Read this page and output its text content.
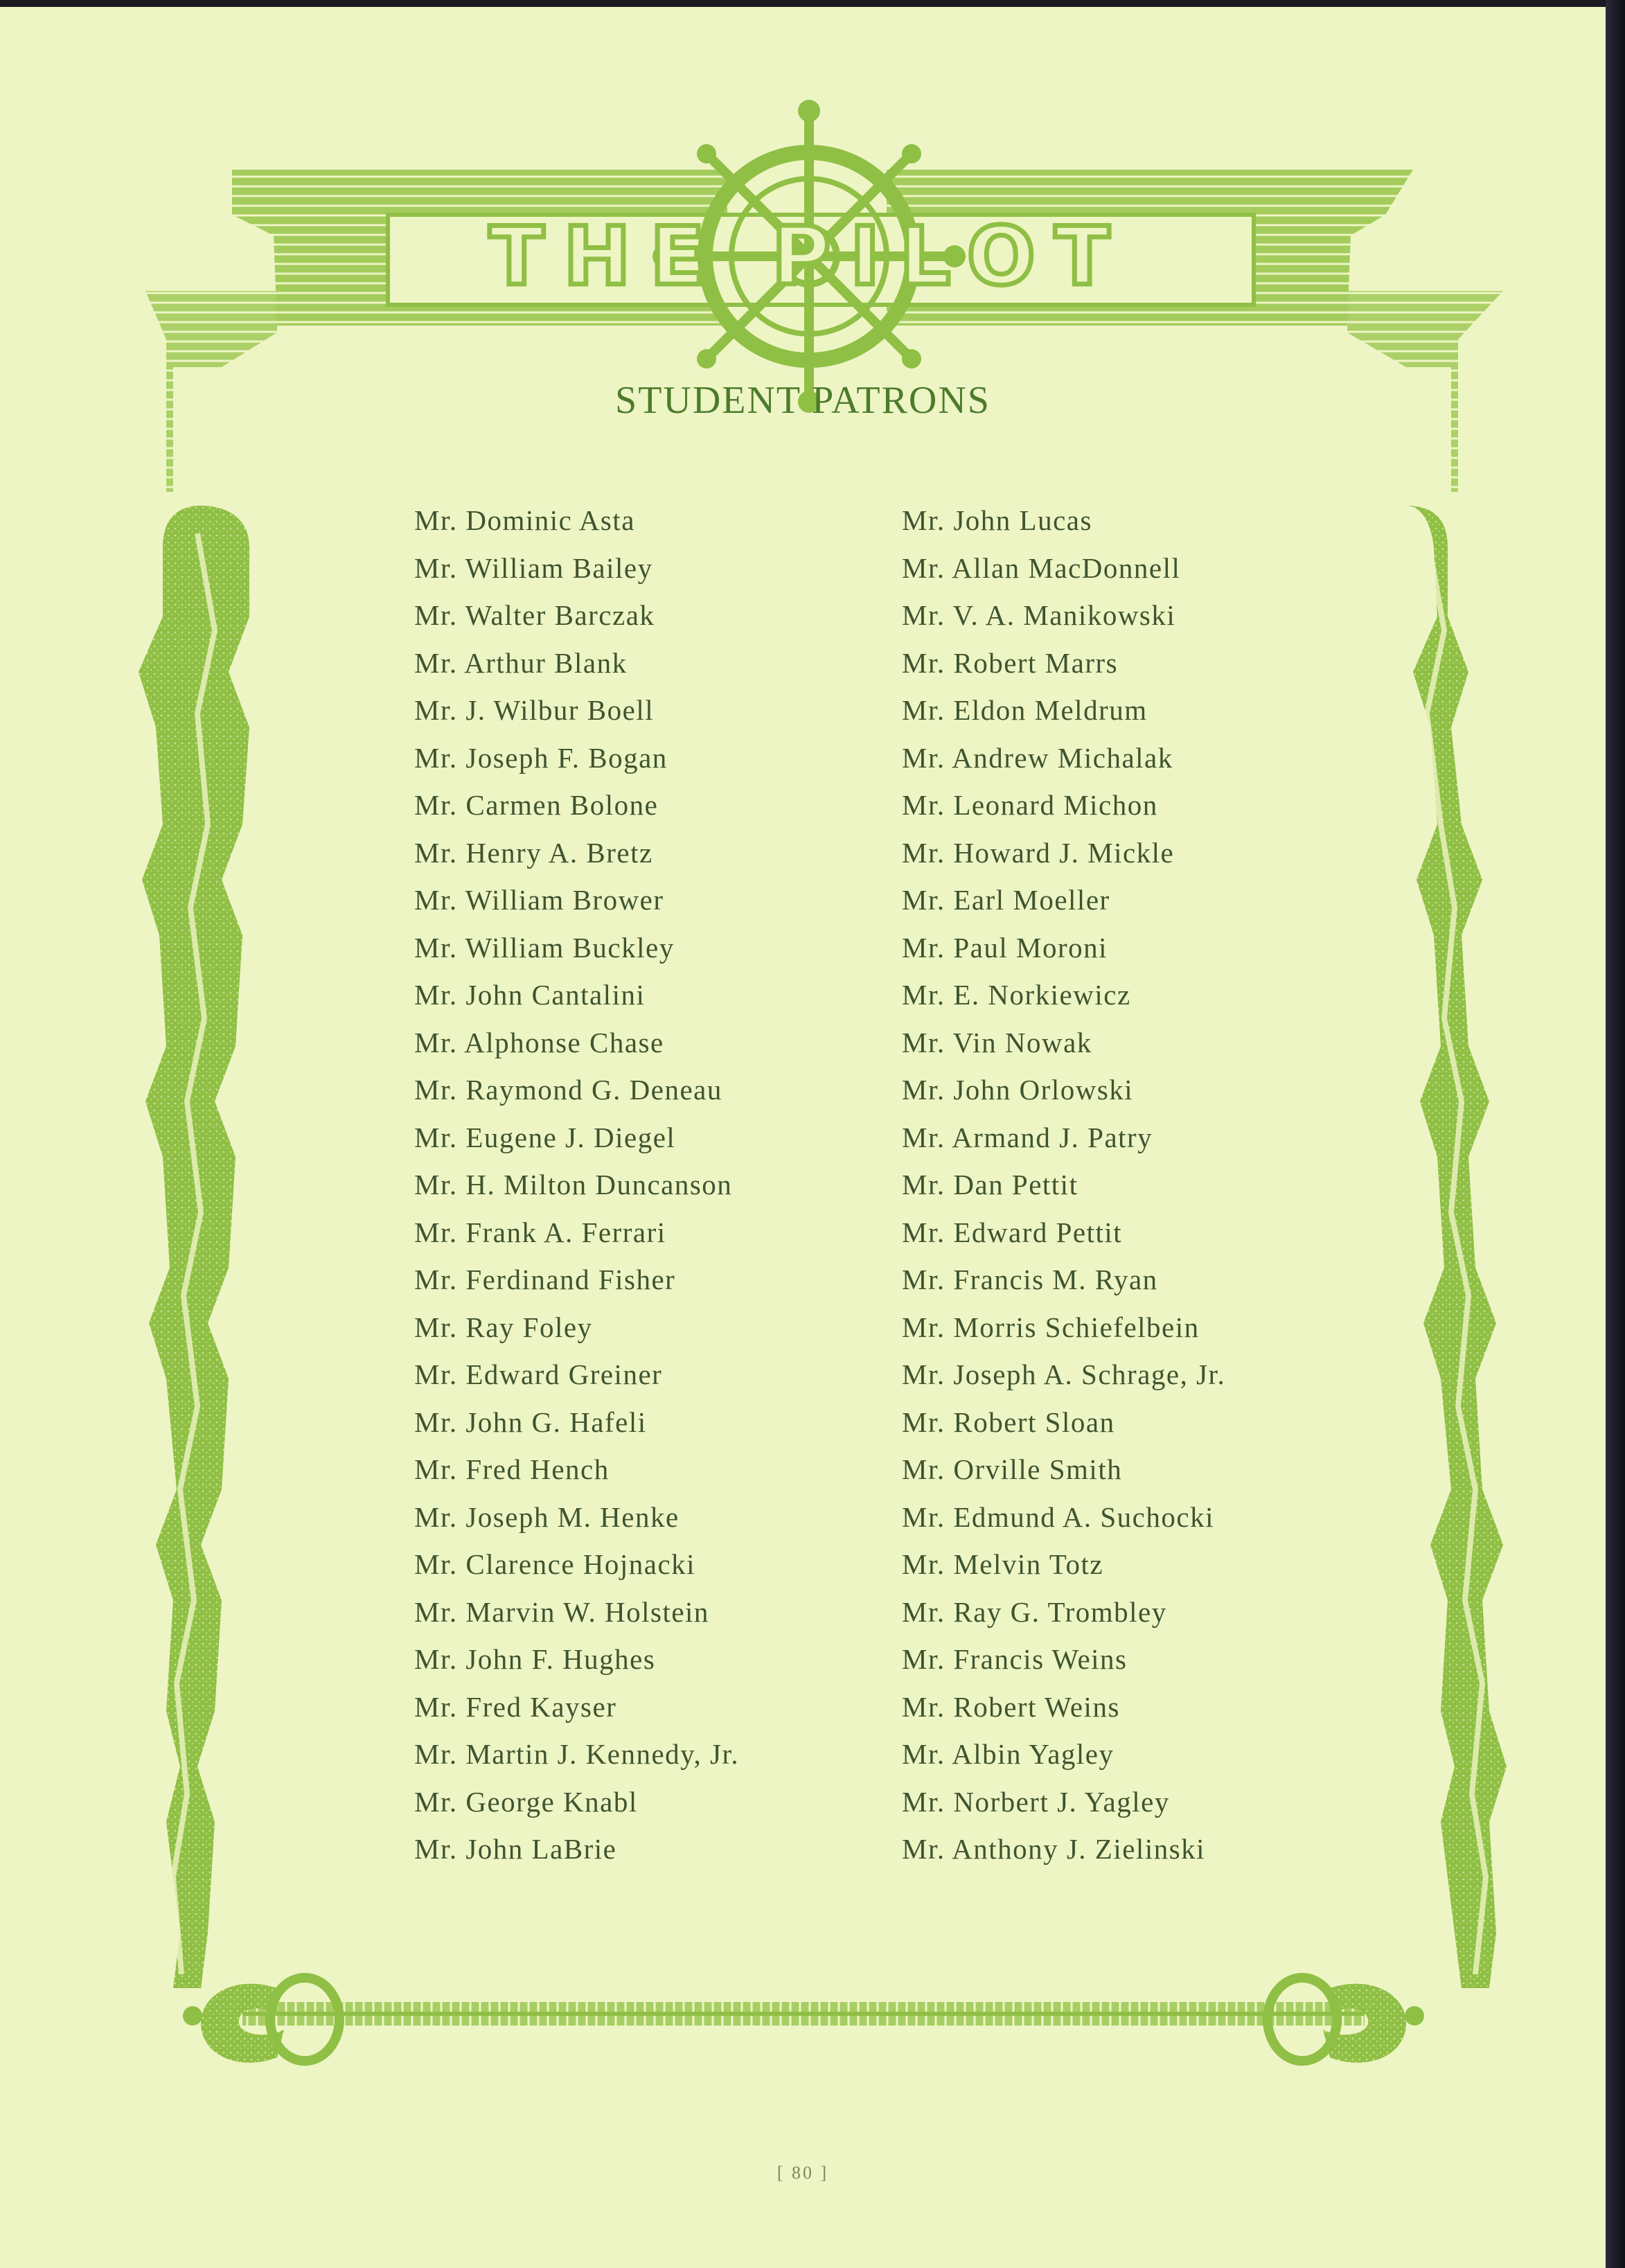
THE PILOT
STUDENT PATRONS
Mr. Dominic Asta
Mr. William Bailey
Mr. Walter Barczak
Mr. Arthur Blank
Mr. J. Wilbur Boell
Mr. Joseph F. Bogan
Mr. Carmen Bolone
Mr. Henry A. Bretz
Mr. William Brower
Mr. William Buckley
Mr. John Cantalini
Mr. Alphonse Chase
Mr. Raymond G. Deneau
Mr. Eugene J. Diegel
Mr. H. Milton Duncanson
Mr. Frank A. Ferrari
Mr. Ferdinand Fisher
Mr. Ray Foley
Mr. Edward Greiner
Mr. John G. Hafeli
Mr. Fred Hench
Mr. Joseph M. Henke
Mr. Clarence Hojnacki
Mr. Marvin W. Holstein
Mr. John F. Hughes
Mr. Fred Kayser
Mr. Martin J. Kennedy, Jr.
Mr. George Knabl
Mr. John LaBrie
Mr. John Lucas
Mr. Allan MacDonnell
Mr. V. A. Manikowski
Mr. Robert Marrs
Mr. Eldon Meldrum
Mr. Andrew Michalak
Mr. Leonard Michon
Mr. Howard J. Mickle
Mr. Earl Moeller
Mr. Paul Moroni
Mr. E. Norkiewicz
Mr. Vin Nowak
Mr. John Orlowski
Mr. Armand J. Patry
Mr. Dan Pettit
Mr. Edward Pettit
Mr. Francis M. Ryan
Mr. Morris Schiefelbein
Mr. Joseph A. Schrage, Jr.
Mr. Robert Sloan
Mr. Orville Smith
Mr. Edmund A. Suchocki
Mr. Melvin Totz
Mr. Ray G. Trombley
Mr. Francis Weins
Mr. Robert Weins
Mr. Albin Yagley
Mr. Norbert J. Yagley
Mr. Anthony J. Zielinski
[ 80 ]
